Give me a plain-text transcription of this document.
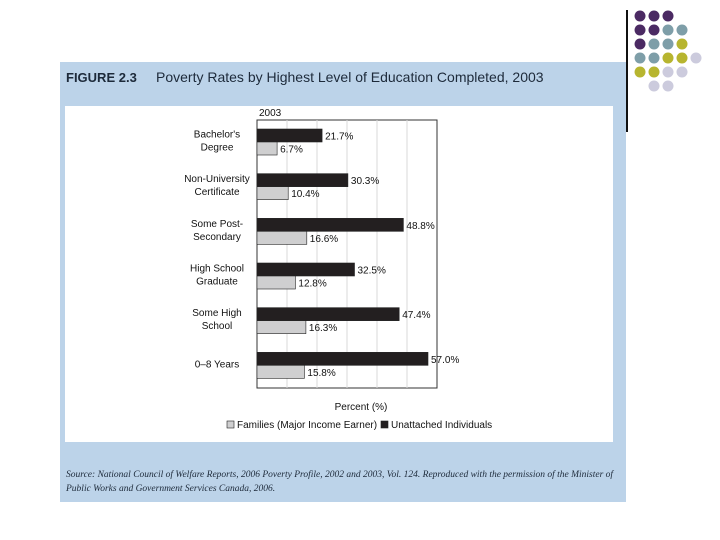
FIGURE 2.3 Poverty Rates by Highest Level of Education Completed, 2003
2003
21.7%
6.7%
Bachelor's
Degree
30.3%
10.4%
Non-University
Certificate
48.8%
16.6%
Some Post-
Secondary
32.5%
12.8%
High School
Graduate
47.4%
16.3%
Some High
School
57.0%
15.8%
0–8 Years
Percent (%)
Families (Major Income Earner) Unattached Individuals
Source: National Council of Welfare Reports, 2006 Poverty Profile, 2002 and 2003, Vol. 124. Reproduced with the permission of the Minister of Public Works and Government Services Canada, 2006.
